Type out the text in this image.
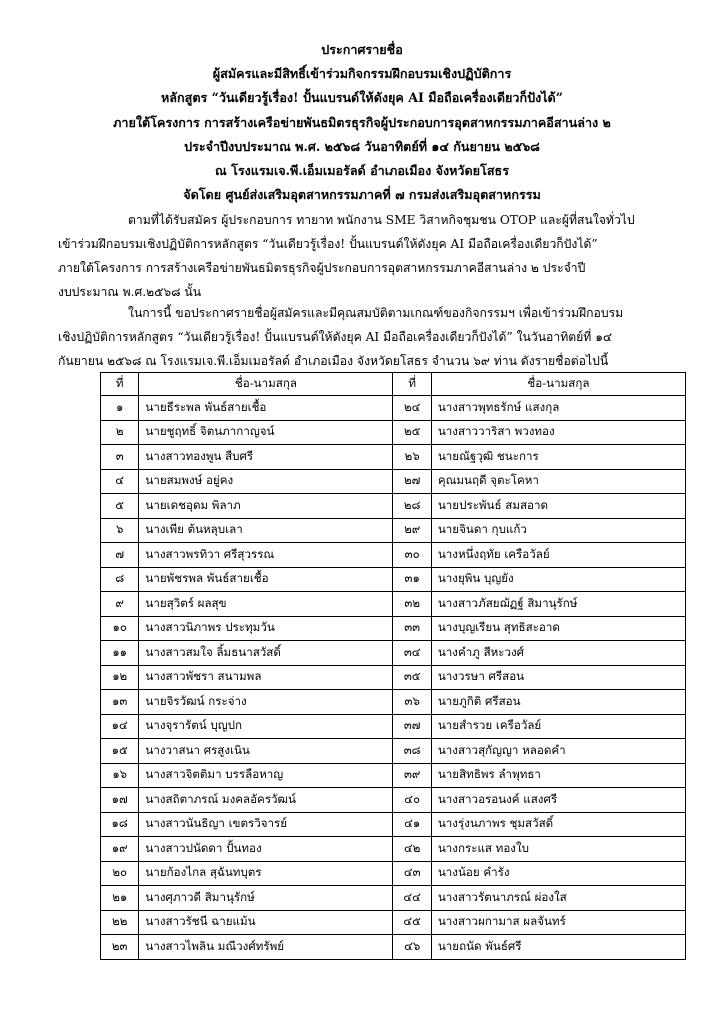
ประกาศรายชื่อ
ผู้สมัครและมีสิทธิ์เข้าร่วมกิจกรรมฝึกอบรมเชิงปฏิบัติการ
หลักสูตร “วันเดียวรู้เรื่อง! ปั้นแบรนด์ให้ดังยุค AI มือถือเครื่องเดียวก็ปังได้”
ภายใต้โครงการ การสร้างเครือข่ายพันธมิตรธุรกิจผู้ประกอบการอุตสาหกรรมภาคอีสานล่าง ๒
ประจำปีงบประมาณ พ.ศ. ๒๕๖๘ วันอาทิตย์ที่ ๑๔ กันยายน ๒๕๖๘
ณ โรงแรมเจ.พี.เอ็มเมอรัลด์ อำเภอเมือง จังหวัดยโสธร
จัดโดย ศูนย์ส่งเสริมอุตสาหกรรมภาคที่ ๗ กรมส่งเสริมอุตสาหกรรม
ตามที่ได้รับสมัคร ผู้ประกอบการ ทายาท พนักงาน SME วิสาหกิจชุมชน OTOP และผู้ที่สนใจทั่วไป
เข้าร่วมฝึกอบรมเชิงปฏิบัติการหลักสูตร “วันเดียวรู้เรื่อง! ปั้นแบรนด์ให้ดังยุค AI มือถือเครื่องเดียวก็ปังได้”
ภายใต้โครงการ การสร้างเครือข่ายพันธมิตรธุรกิจผู้ประกอบการอุตสาหกรรมภาคอีสานล่าง ๒ ประจำปี
งบประมาณ พ.ศ.๒๕๖๘ นั้น
ในการนี้ ขอประกาศรายชื่อผู้สมัครและมีคุณสมบัติตามเกณฑ์ของกิจกรรมฯ เพื่อเข้าร่วมฝึกอบรม
เชิงปฏิบัติการหลักสูตร “วันเดียวรู้เรื่อง! ปั้นแบรนด์ให้ดังยุค AI มือถือเครื่องเดียวก็ปังได้” ในวันอาทิตย์ที่ ๑๔
กันยายน ๒๕๖๘ ณ โรงแรมเจ.พี.เอ็มเมอรัลด์ อำเภอเมือง จังหวัดยโสธร จำนวน ๖๙ ท่าน ดังรายชื่อต่อไปนี้
ที่	ชื่อ-นามสกุล	ที่	ชื่อ-นามสกุล
๑	นายธีระพล พันธ์สายเชื้อ	๒๔	นางสาวพุทธรักษ์ แสงกุล
๒	นายชูฤทธิ์ จิตนภากาญจน์	๒๕	นางสาววาริสา พวงทอง
๓	นางสาวทองพูน สืบศรี	๒๖	นายณัฐวุฒิ ชนะการ
๔	นายสมพงษ์ อยู่คง	๒๗	คุณมนฤดี จุตะโคหา
๕	นายเดชอุดม พิลาภ	๒๘	นายประพันธ์ สมสอาด
๖	นางเพีย ต้นหลุบเลา	๒๙	นายจินดา กุบแก้ว
๗	นางสาวพรทิวา ศรีสุวรรณ	๓๐	นางหนึ่งฤทัย เครือวัลย์
๘	นายพัชรพล พันธ์สายเชื้อ	๓๑	นางยุพิน บุญยัง
๙	นายสุวิตร์ ผลสุข	๓๒	นางสาวภัสยฌัฏฐ์ สิมานุรักษ์
๑๐	นางสาวนิภาพร ประทุมวัน	๓๓	นางบุญเรียน สุทธิสะอาด
๑๑	นางสาวสมใจ ลิ้มธนาสวัสดิ์	๓๔	นางคำภู สีหะวงศ์
๑๒	นางสาวพัชรา สนามพล	๓๕	นางวรษา ศรีสอน
๑๓	นายจิรวัฒน์ กระจ่าง	๓๖	นายภูกิติ ศรีสอน
๑๔	นางจุรารัตน์ บุญปก	๓๗	นายสำรวย เครือวัลย์
๑๕	นางวาสนา ศรสูงเนิน	๓๘	นางสาวสุกัญญา หลอดคำ
๑๖	นางสาวจิตติมา บรรลือหาญ	๓๙	นายสิทธิพร ลำพุทธา
๑๗	นางสถิตาภรณ์ มงคลอัครวัฒน์	๔๐	นางสาวอรอนงค์ แสงศรี
๑๘	นางสาวนันธิญา เขตรวิจารย์	๔๑	นางรุ่งนภาพร ชุมสวัสดิ์
๑๙	นางสาวปนัดดา ปั้นทอง	๔๒	นางกระแส ทองใบ
๒๐	นายก้องไกล สุฉันทบุตร	๔๓	นางน้อย คำรัง
๒๑	นางศุภาวดี สิมานุรักษ์	๔๔	นางสาวรัตนาภรณ์ ผ่องใส
๒๒	นางสาวรัชนี ฉายแม้น	๔๕	นางสาวผกามาส ผลจันทร์
๒๓	นางสาวไพลิน มณีวงศ์ทรัพย์	๔๖	นายถนัด พันธ์ศรี
